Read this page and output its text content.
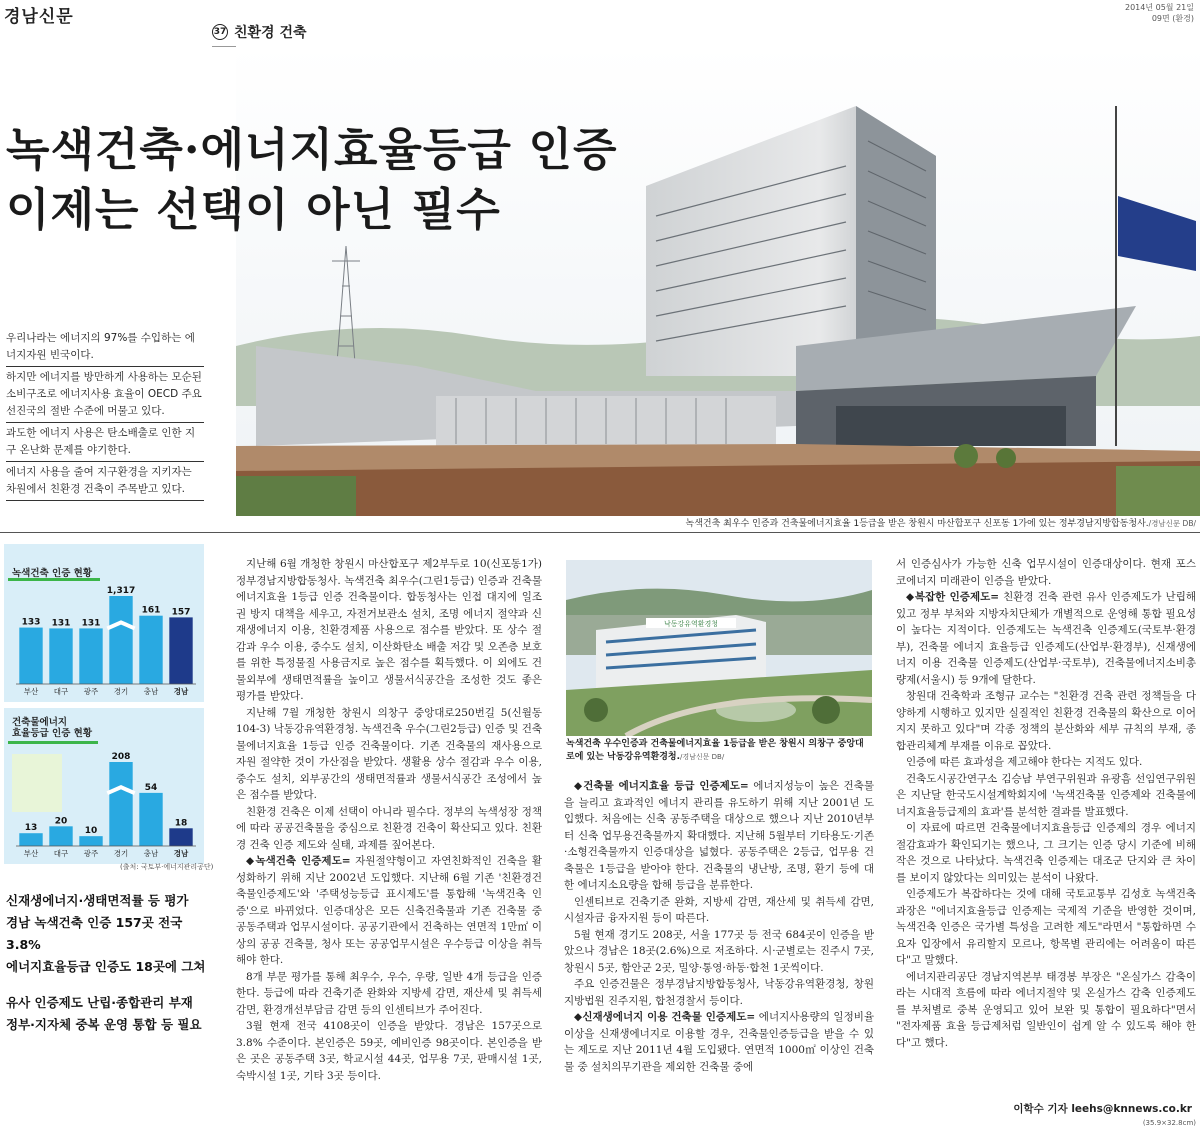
경남신문	2014년 05월 21일
09면 (환경)
37 친환경 건축
녹색건축·에너지효율등급 인증
이제는 선택이 아닌 필수

우리나라는 에너지의 97%를 수입하는 에너지자원 빈국이다.

하지만 에너지를 방만하게 사용하는 모순된 소비구조로 에너지사용 효율이 OECD 주요 선진국의 절반 수준에 머물고 있다.

과도한 에너지 사용은 탄소배출로 인한 지구 온난화 문제를 야기한다.

에너지 사용을 줄여 지구환경을 지키자는 차원에서 친환경 건축이 주목받고 있다.

녹색건축 최우수 인증과 건축물에너지효율 1등급을 받은 창원시 마산합포구 신포동 1가에 있는 정부경남지방합동청사./경남신문 DB/
133
부산
131
대구
131
광주
1,317
경기
161
충남
157
경남
13
부산
20
대구
10
광주
208
경기
54
충남
18
경남
녹색건축 인증 현황
건축물에너지
효율등급 인증 현황
(출처: 국토부·에너지관리공단)
신재생에너지·생태면적률 등 평가
경남 녹색건축 인증 157곳 전국 3.8%
에너지효율등급 인증도 18곳에 그쳐
유사 인증제도 난립·종합관리 부재
정부·지자체 중복 운영 통합 등 필요

지난해 6월 개청한 창원시 마산합포구 제2부두로 10(신포동1가) 정부경남지방합동청사. 녹색건축 최우수(그린1등급) 인증과 건축물에너지효율 1등급 인증 건축물이다. 합동청사는 인접 대지에 일조권 방지 대책을 세우고, 자전거보관소 설치, 조명 에너지 절약과 신재생에너지 이용, 친환경제품 사용으로 점수를 받았다. 또 상수 절감과 우수 이용, 중수도 설치, 이산화탄소 배출 저감 및 오존층 보호를 위한 특정물질 사용금지로 높은 점수를 획득했다. 이 외에도 건물외부에 생태면적률을 높이고 생물서식공간을 조성한 것도 좋은 평가를 받았다.

지난해 7월 개청한 창원시 의창구 중앙대로250번길 5(신월동 104-3) 낙동강유역환경청. 녹색건축 우수(그린2등급) 인증 및 건축물에너지효율 1등급 인증 건축물이다. 기존 건축물의 재사용으로 자원 절약한 것이 가산점을 받았다. 생활용 상수 절감과 우수 이용, 중수도 설치, 외부공간의 생태면적률과 생물서식공간 조성에서 높은 점수를 받았다.

친환경 건축은 이제 선택이 아니라 필수다. 정부의 녹색성장 정책에 따라 공공건축물을 중심으로 친환경 건축이 확산되고 있다. 친환경 건축 인증 제도와 실태, 과제를 짚어본다.

◆녹색건축 인증제도= 자원절약형이고 자연친화적인 건축을 활성화하기 위해 지난 2002년 도입했다. 지난해 6월 기존 '친환경건축물인증제도'와 '주택성능등급 표시제도'를 통합해 '녹색건축 인증'으로 바뀌었다. 인증대상은 모든 신축건축물과 기존 건축물 중 공동주택과 업무시설이다. 공공기관에서 건축하는 연면적 1만㎡ 이상의 공공 건축물, 청사 또는 공공업무시설은 우수등급 이상을 취득해야 한다.

8개 부문 평가를 통해 최우수, 우수, 우량, 일반 4개 등급을 인증한다. 등급에 따라 건축기준 완화와 지방세 감면, 재산세 및 취득세 감면, 환경개선부담금 감면 등의 인센티브가 주어진다.

3월 현재 전국 4108곳이 인증을 받았다. 경남은 157곳으로 3.8% 수준이다. 본인증은 59곳, 예비인증 98곳이다. 본인증을 받은 곳은 공동주택 3곳, 학교시설 44곳, 업무용 7곳, 판매시설 1곳, 숙박시설 1곳, 기타 3곳 등이다.

낙동강유역환경청
녹색건축 우수인증과 건축물에너지효율 1등급을 받은 창원시 의창구 중앙대로에 있는 낙동강유역환경청./경남신문 DB/

◆건축물 에너지효율 등급 인증제도= 에너지성능이 높은 건축물을 늘리고 효과적인 에너지 관리를 유도하기 위해 지난 2001년 도입했다. 처음에는 신축 공동주택을 대상으로 했으나 지난 2010년부터 신축 업무용건축물까지 확대했다. 지난해 5월부터 기타용도·기존·소형건축물까지 인증대상을 넓혔다. 공동주택은 2등급, 업무용 건축물은 1등급을 받아야 한다. 건축물의 냉난방, 조명, 환기 등에 대한 에너지소요량을 합해 등급을 분류한다.

인센티브로 건축기준 완화, 지방세 감면, 재산세 및 취득세 감면, 시설자금 융자지원 등이 따른다.

5월 현재 경기도 208곳, 서울 177곳 등 전국 684곳이 인증을 받았으나 경남은 18곳(2.6%)으로 저조하다. 시·군별로는 진주시 7곳, 창원시 5곳, 함안군 2곳, 밀양·통영·하동·합천 1곳씩이다.

주요 인증건물은 정부경남지방합동청사, 낙동강유역환경청, 창원지방법원 진주지원, 합천경찰서 등이다.

◆신재생에너지 이용 건축물 인증제도= 에너지사용량의 일정비율 이상을 신재생에너지로 이용할 경우, 건축물인증등급을 받을 수 있는 제도로 지난 2011년 4월 도입됐다. 연면적 1000㎡ 이상인 건축물 중 설치의무기관을 제외한 건축물 중에

서 인증심사가 가능한 신축 업무시설이 인증대상이다. 현재 포스코에너지 미래관이 인증을 받았다.

◆복잡한 인증제도= 친환경 건축 관련 유사 인증제도가 난립해 있고 정부 부처와 지방자치단체가 개별적으로 운영해 통합 필요성이 높다는 지적이다. 인증제도는 녹색건축 인증제도(국토부·환경부), 건축물 에너지 효율등급 인증제도(산업부·환경부), 신재생에너지 이용 건축물 인증제도(산업부·국토부), 건축물에너지소비총량제(서울시) 등 9개에 달한다.

창원대 건축학과 조형규 교수는 "친환경 건축 관련 정책들을 다양하게 시행하고 있지만 실질적인 친환경 건축물의 확산으로 이어지지 못하고 있다"며 각종 정책의 분산화와 세부 규칙의 부재, 종합관리체계 부재를 이유로 꼽았다.

인증에 따른 효과성을 제고해야 한다는 지적도 있다.

건축도시공간연구소 김승남 부연구위원과 유광흠 선임연구위원은 지난달 한국도시설계학회지에 '녹색건축물 인증제와 건축물에너지효율등급제의 효과'를 분석한 결과를 발표했다.

이 자료에 따르면 건축물에너지효율등급 인증제의 경우 에너지 절감효과가 확인되기는 했으나, 그 크기는 인증 당시 기준에 비해 작은 것으로 나타났다. 녹색건축 인증제는 대조군 단지와 큰 차이를 보이지 않았다는 의미있는 분석이 나왔다.

인증제도가 복잡하다는 것에 대해 국토교통부 김성호 녹색건축과장은 "에너지효율등급 인증제는 국제적 기준을 반영한 것이며, 녹색건축 인증은 국가별 특성을 고려한 제도"라면서 "통합하면 수요자 입장에서 유리할지 모르나, 항목별 관리에는 어려움이 따른다"고 말했다.

에너지관리공단 경남지역본부 태경봉 부장은 "온실가스 감축이라는 시대적 흐름에 따라 에너지절약 및 온실가스 감축 인증제도를 부처별로 중복 운영되고 있어 보완 및 통합이 필요하다"면서 "전자제품 효율 등급제처럼 일반인이 쉽게 알 수 있도록 해야 한다"고 했다.

이학수 기자 leehs@knnews.co.kr
(35.9×32.8cm)
